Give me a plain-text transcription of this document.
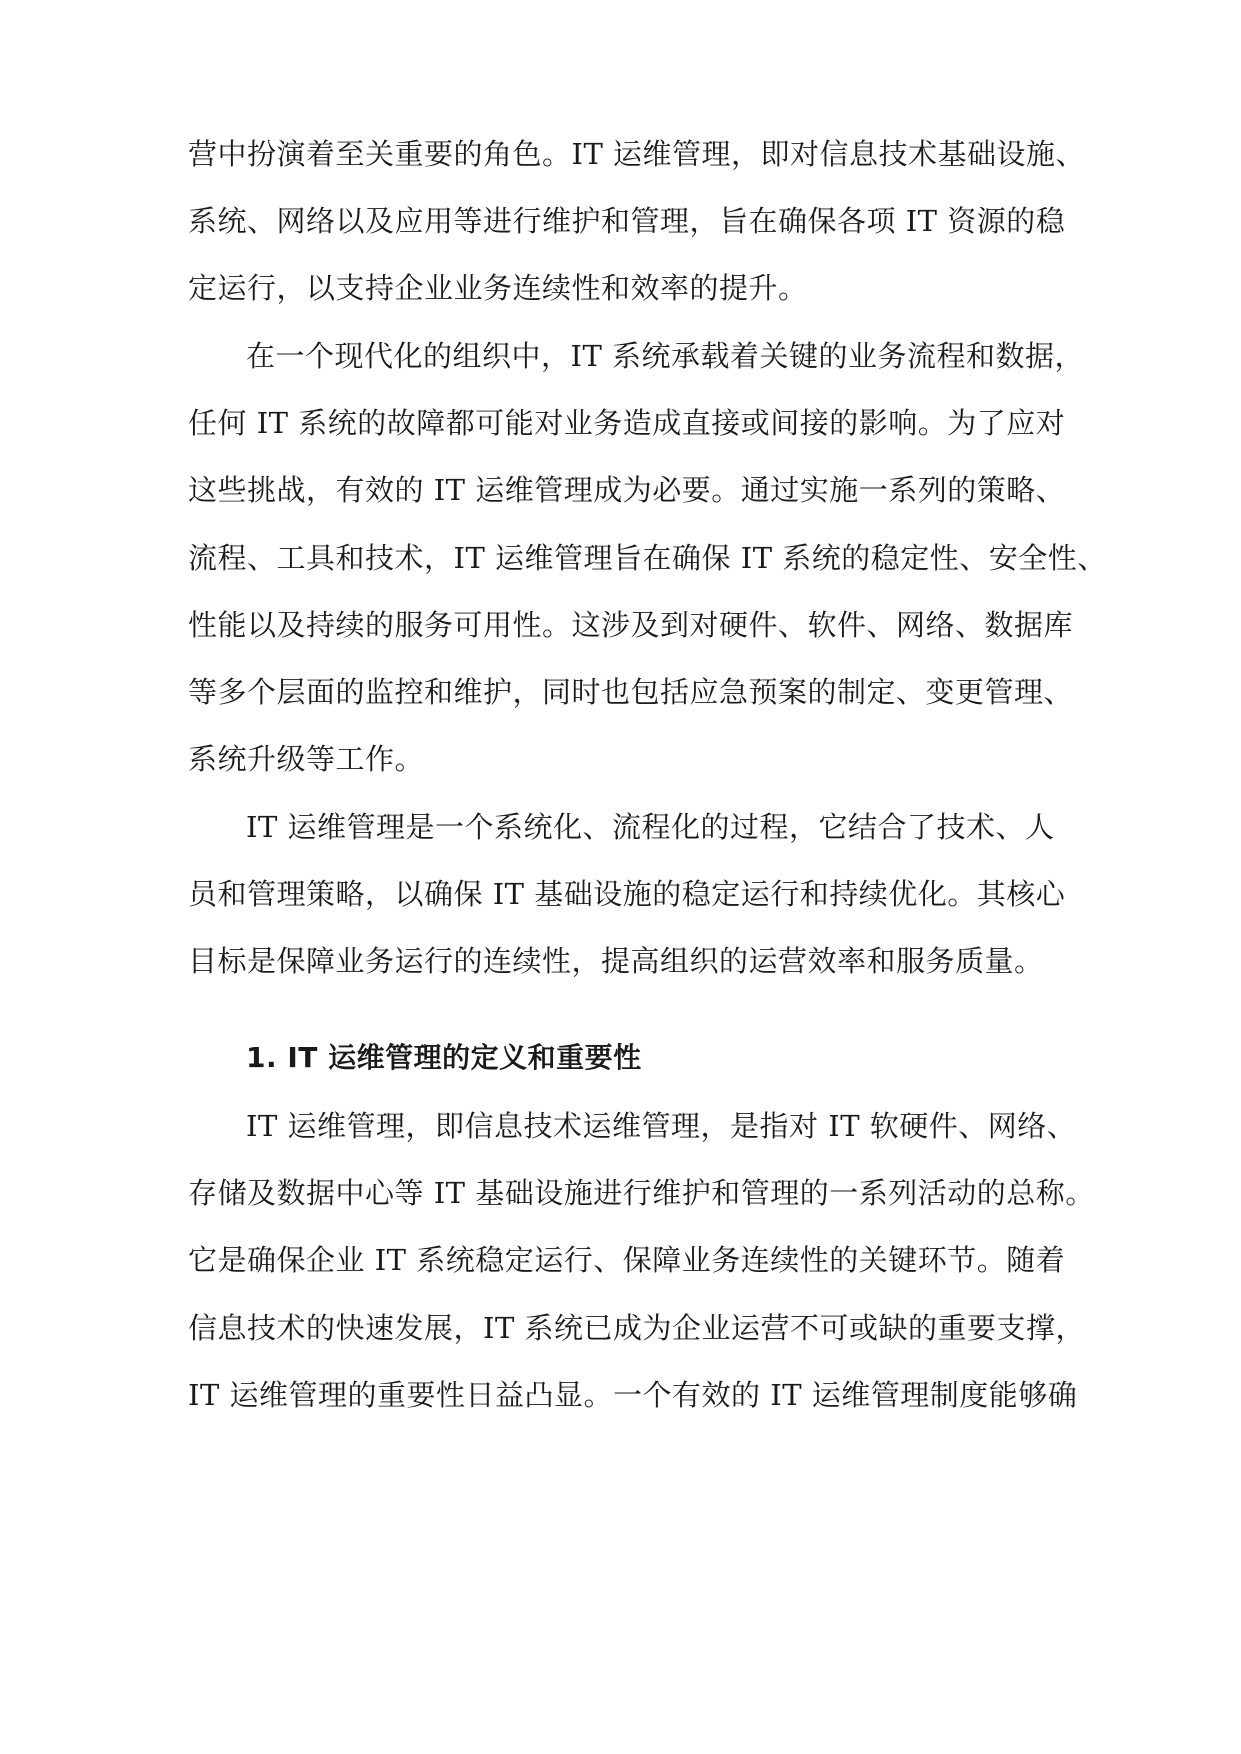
营中扮演着至关重要的角色。IT 运维管理，即对信息技术基础设施、
系统、网络以及应用等进行维护和管理，旨在确保各项 IT 资源的稳
定运行，以支持企业业务连续性和效率的提升。
在一个现代化的组织中，IT 系统承载着关键的业务流程和数据，
任何 IT 系统的故障都可能对业务造成直接或间接的影响。为了应对
这些挑战，有效的 IT 运维管理成为必要。通过实施一系列的策略、
流程、工具和技术，IT 运维管理旨在确保 IT 系统的稳定性、安全性、
性能以及持续的服务可用性。这涉及到对硬件、软件、网络、数据库
等多个层面的监控和维护，同时也包括应急预案的制定、变更管理、
系统升级等工作。
IT 运维管理是一个系统化、流程化的过程，它结合了技术、人
员和管理策略，以确保 IT 基础设施的稳定运行和持续优化。其核心
目标是保障业务运行的连续性，提高组织的运营效率和服务质量。
1. IT 运维管理的定义和重要性
IT 运维管理，即信息技术运维管理，是指对 IT 软硬件、网络、
存储及数据中心等 IT 基础设施进行维护和管理的一系列活动的总称。
它是确保企业 IT 系统稳定运行、保障业务连续性的关键环节。随着
信息技术的快速发展，IT 系统已成为企业运营不可或缺的重要支撑，
IT 运维管理的重要性日益凸显。一个有效的 IT 运维管理制度能够确
